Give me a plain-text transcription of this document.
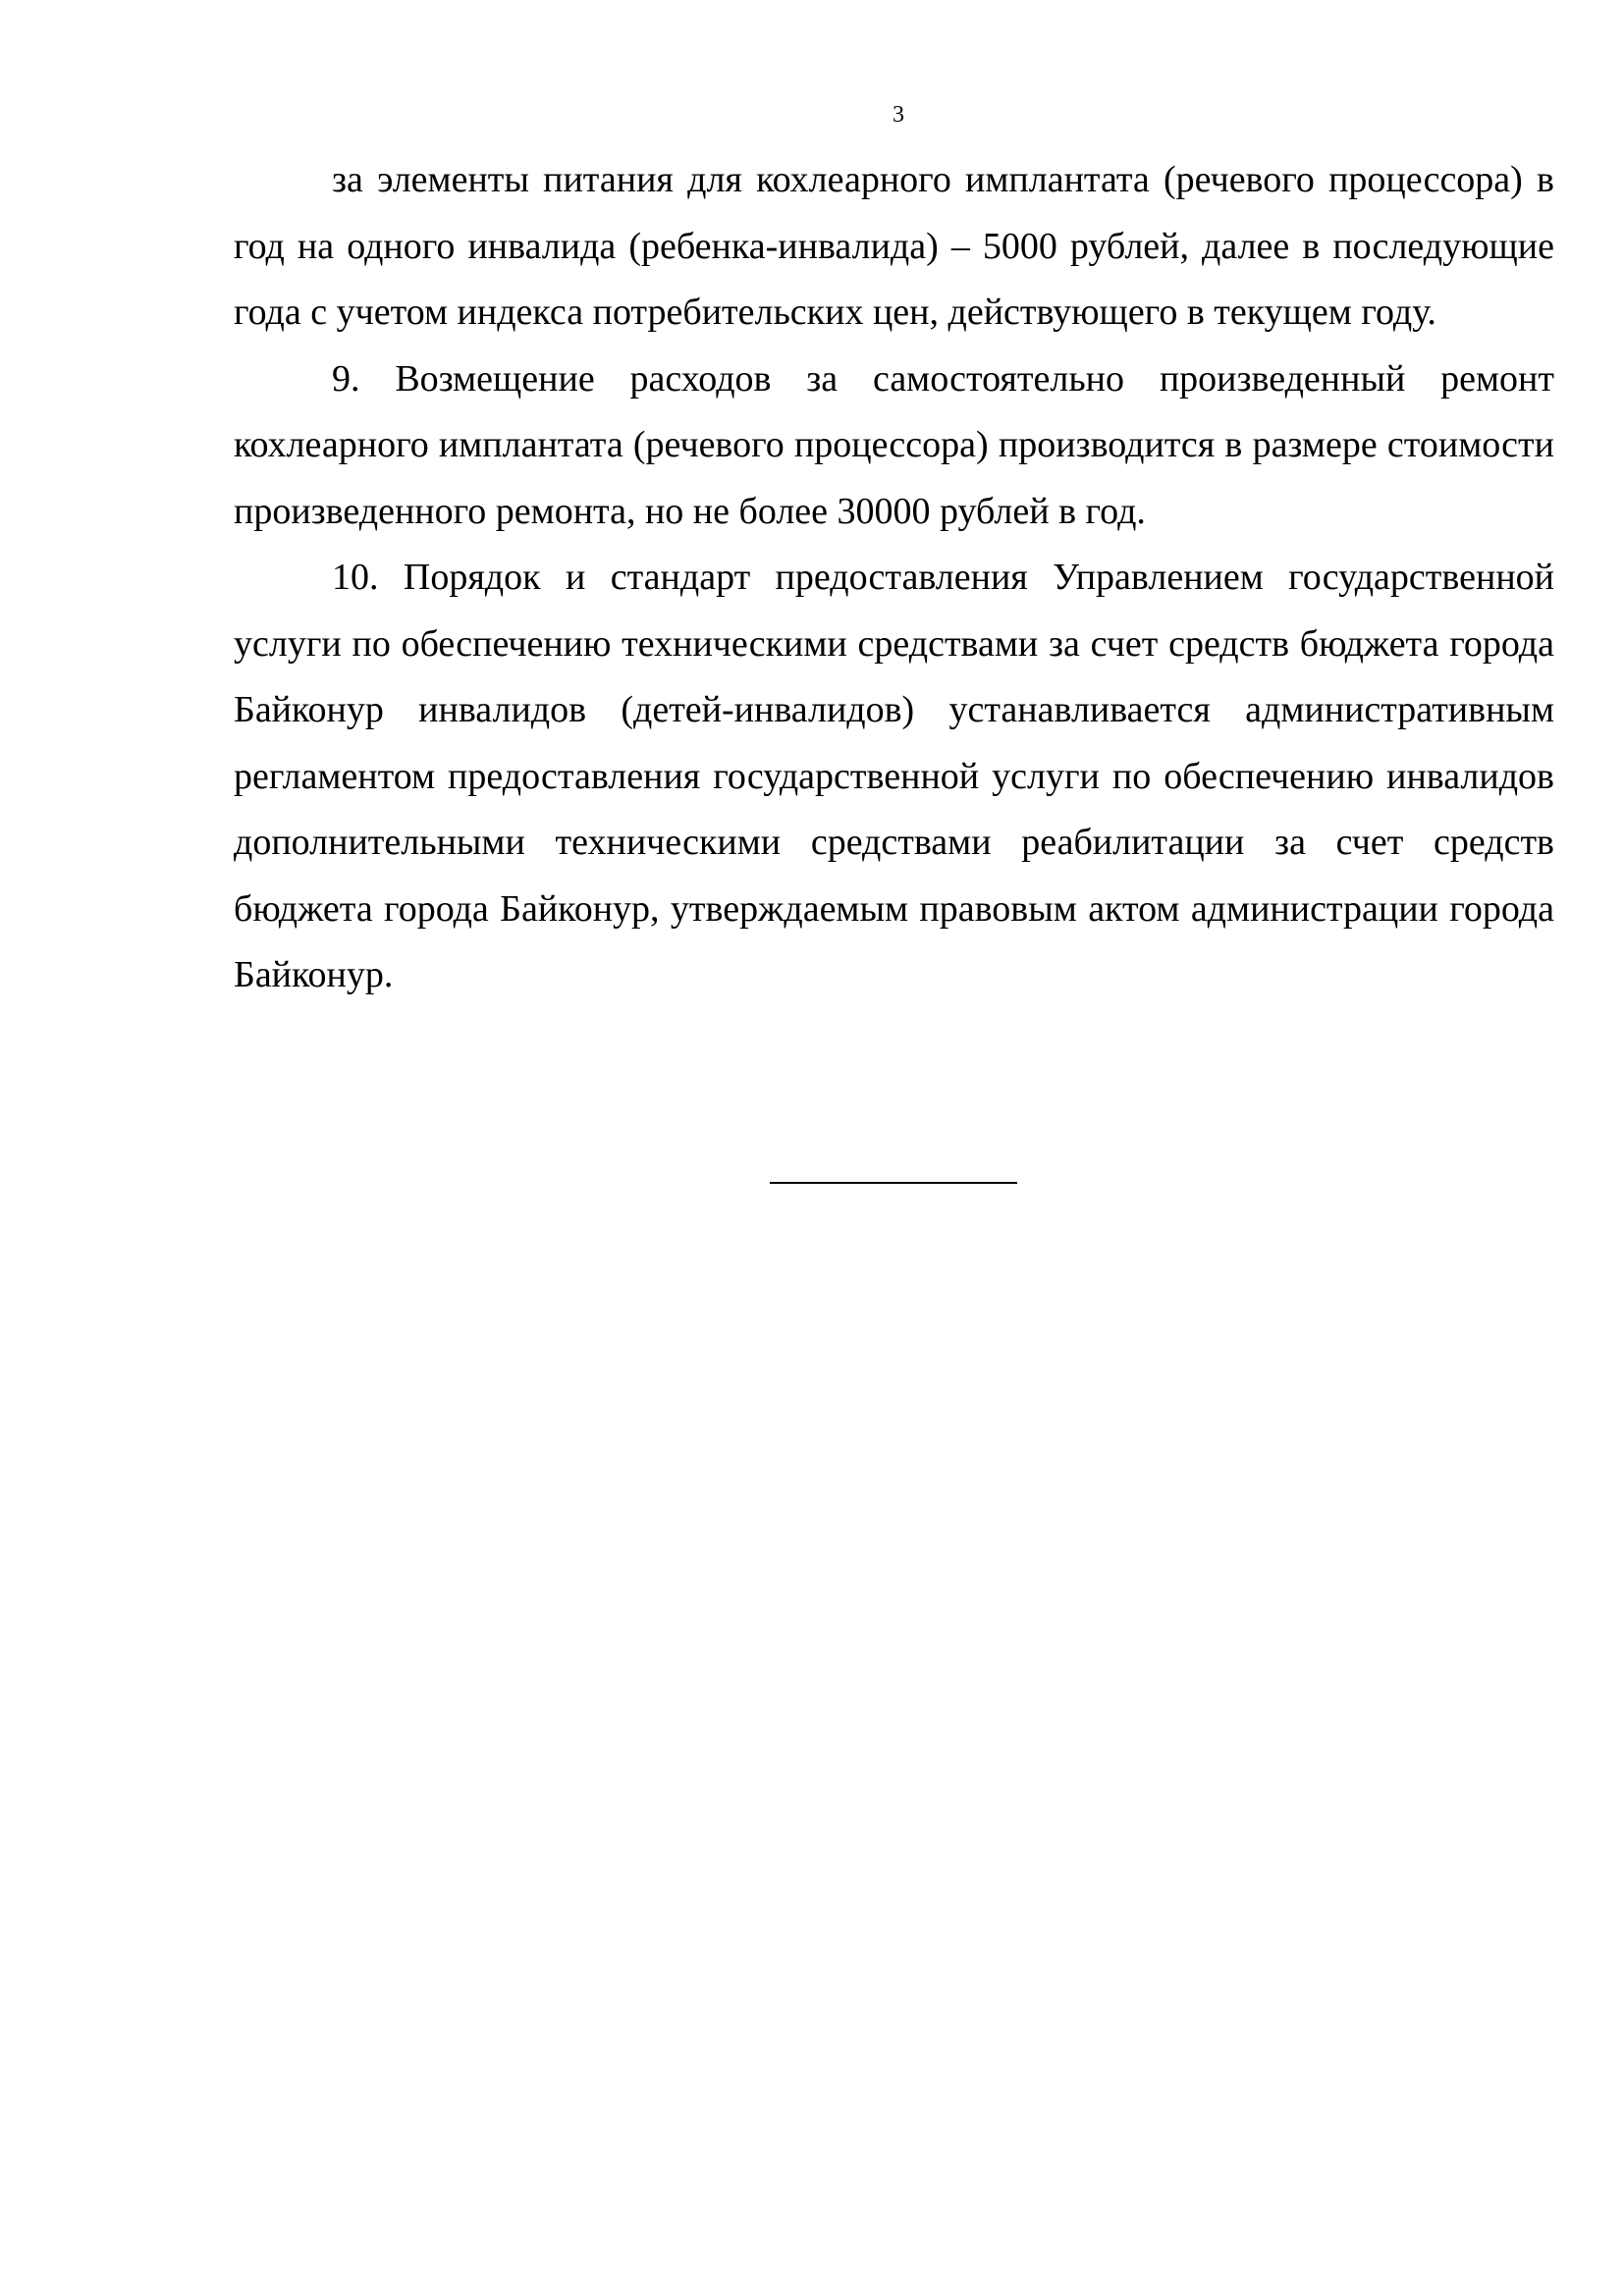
3

за элементы питания для кохлеарного имплантата (речевого процессора) в год на одного инвалида (ребенка-инвалида) – 5000 рублей, далее в последующие года с учетом индекса потребительских цен, действующего в текущем году.

9. Возмещение расходов за самостоятельно произведенный ремонт кохлеарного имплантата (речевого процессора) производится в размере стоимости произведенного ремонта, но не более 30000 рублей в год.

10. Порядок и стандарт предоставления Управлением государственной услуги по обеспечению техническими средствами за счет средств бюджета города Байконур инвалидов (детей-инвалидов) устанавливается административным регламентом предоставления государственной услуги по обеспечению инвалидов дополнительными техническими средствами реабилитации за счет средств бюджета города Байконур, утверждаемым правовым актом администрации города Байконур.
